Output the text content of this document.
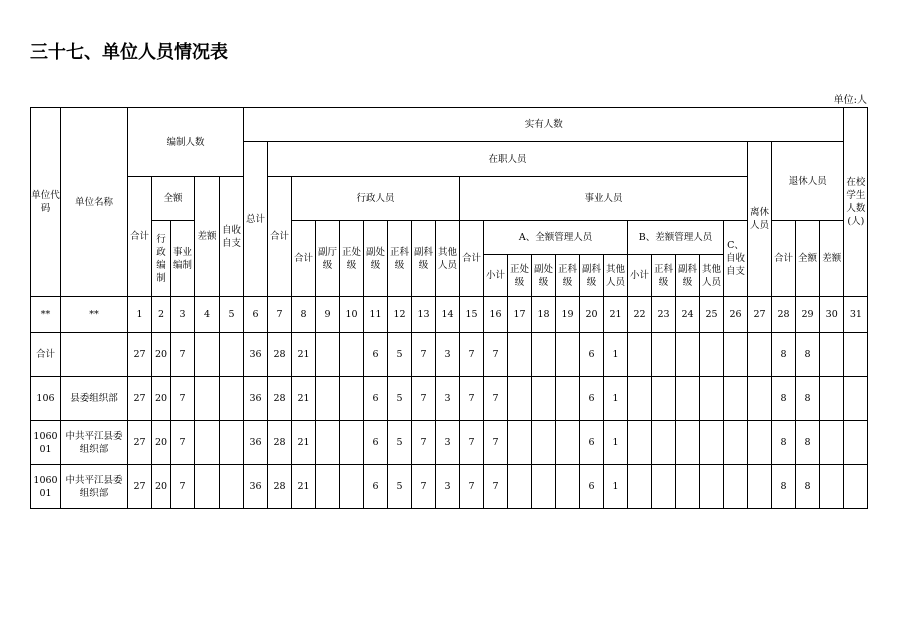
三十七、单位人员情况表
单位:人
单位代码	单位名称	编制人数					实有人数																									在校学生人数(人)
							总计	在职人员																				离休人员	退休人员			
		合计	全额		差额	自收自支		合计	行政人员							事业人员																
			行政编制	事业编制					合计	副厅级	正处级	副处级	正科级	副科级	其他人员	合计	A、全额管理人员						B、差额管理人员				C、自收自支		合计	全额	差额	
																	小计	正处级	副处级	正科级	副科级	其他人员	小计	正科级	副科级	其他人员						
**	**	1	2	3	4	5	6	7	8	9	10	11	12	13	14	15	16	17	18	19	20	21	22	23	24	25	26	27	28	29	30	31
合计		27	20	7			36	28	21			6	5	7	3	7	7				6	1							8	8		
106	县委组织部	27	20	7			36	28	21			6	5	7	3	7	7				6	1							8	8		
106001	中共平江县委组织部	27	20	7			36	28	21			6	5	7	3	7	7				6	1							8	8		
106001	中共平江县委组织部	27	20	7			36	28	21			6	5	7	3	7	7				6	1							8	8		
